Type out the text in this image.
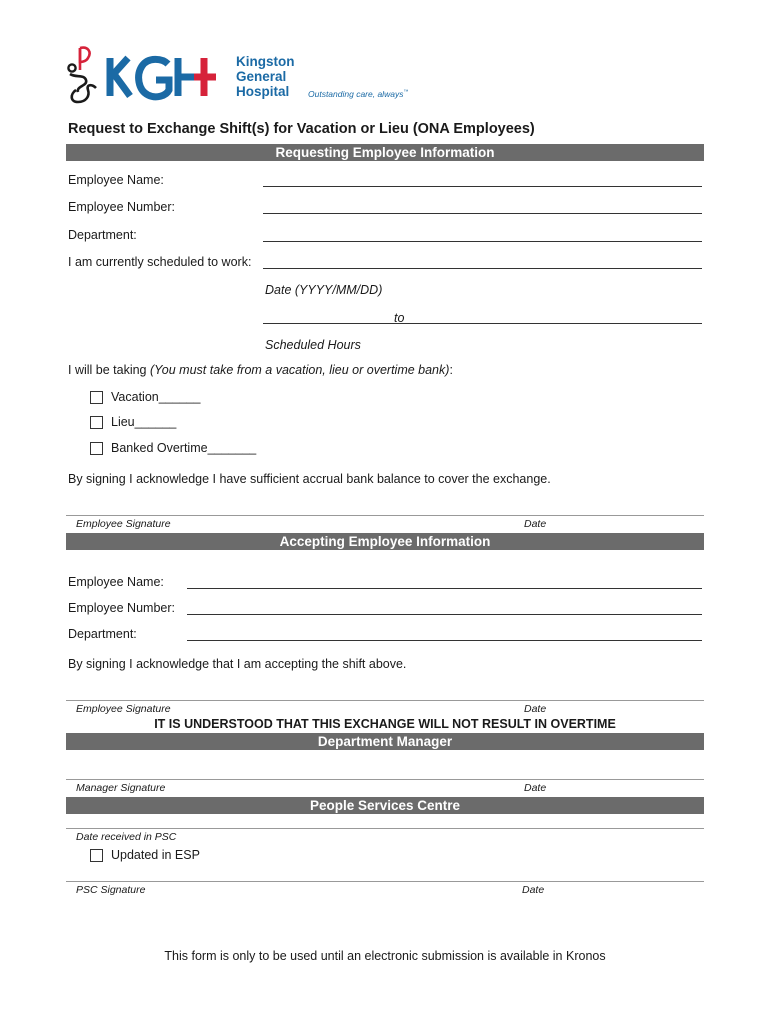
Kingston
General
Hospital	Outstanding care, always™
Request to Exchange Shift(s) for Vacation or Lieu (ONA Employees)
Requesting Employee Information
Employee Name:
Employee Number:
Department:
I am currently scheduled to work:
Date (YYYY/MM/DD)
to
Scheduled Hours
I will be taking (You must take from a vacation, lieu or overtime bank):
Vacation______
Lieu______
Banked Overtime_______
By signing I acknowledge I have sufficient accrual bank balance to cover the exchange.
Employee Signature	Date
Accepting Employee Information
Employee Name:
Employee Number:
Department:
By signing I acknowledge that I am accepting the shift above.
Employee Signature	Date
IT IS UNDERSTOOD THAT THIS EXCHANGE WILL NOT RESULT IN OVERTIME
Department Manager
Manager Signature	Date
People Services Centre
Date received in PSC
Updated in ESP
PSC Signature	Date
This form is only to be used until an electronic submission is available in Kronos
